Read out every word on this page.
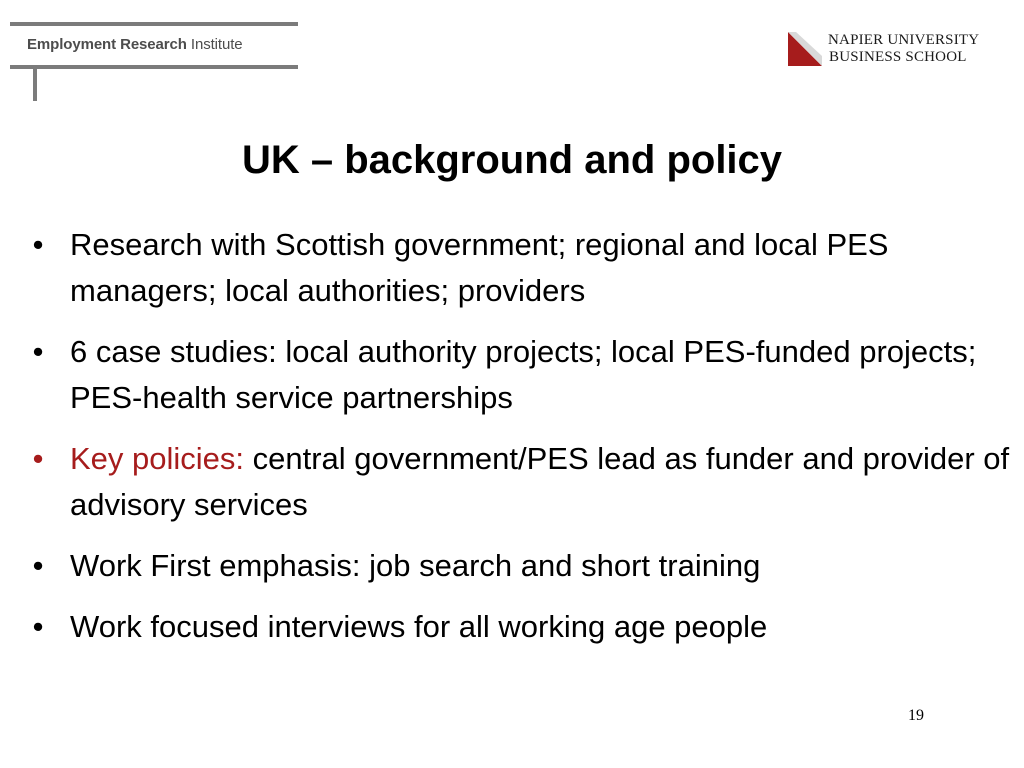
Employment Research Institute	NAPIER UNIVERSITY
BUSINESS SCHOOL
UK – background and policy
• Research with Scottish government; regional and local PES managers; local authorities; providers
• 6 case studies: local authority projects; local PES-funded projects; PES-health service partnerships
• Key policies: central government/PES lead as funder and provider of advisory services
• Work First emphasis: job search and short training
• Work focused interviews for all working age people
19
